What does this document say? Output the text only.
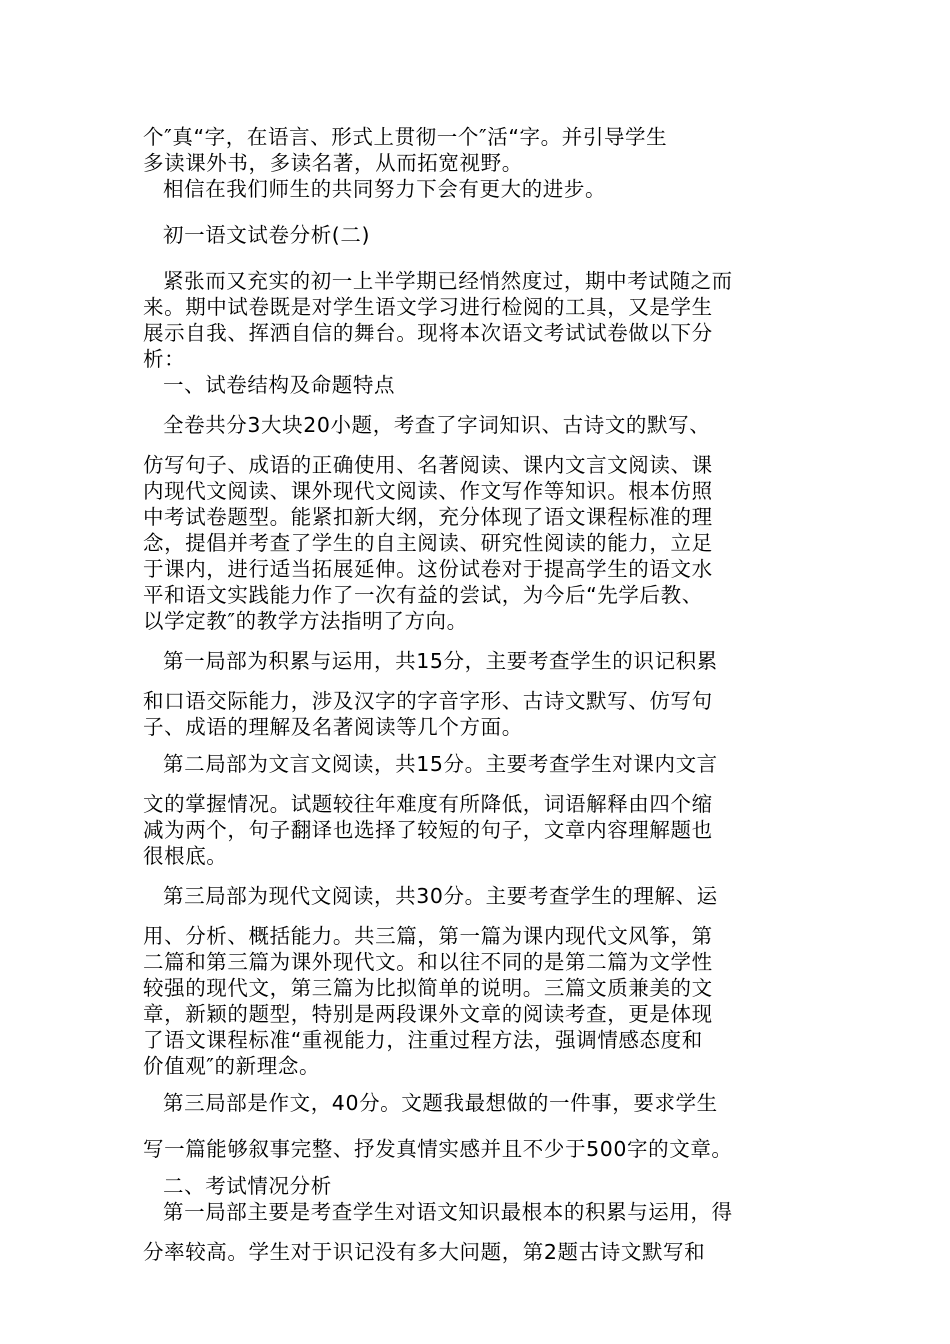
个″真“字，在语言、形式上贯彻一个″活“字。并引导学生
多读课外书，多读名著，从而拓宽视野。
相信在我们师生的共同努力下会有更大的进步。
初一语文试卷分析(二)
紧张而又充实的初一上半学期已经悄然度过，期中考试随之而
来。期中试卷既是对学生语文学习进行检阅的工具，又是学生
展示自我、挥洒自信的舞台。现将本次语文考试试卷做以下分
析：
一、试卷结构及命题特点
全卷共分3大块20小题，考查了字词知识、古诗文的默写、
仿写句子、成语的正确使用、名著阅读、课内文言文阅读、课
内现代文阅读、课外现代文阅读、作文写作等知识。根本仿照
中考试卷题型。能紧扣新大纲，充分体现了语文课程标准的理
念，提倡并考查了学生的自主阅读、研究性阅读的能力，立足
于课内，进行适当拓展延伸。这份试卷对于提高学生的语文水
平和语文实践能力作了一次有益的尝试，为今后“先学后教、
以学定教″的教学方法指明了方向。
第一局部为积累与运用，共15分，主要考查学生的识记积累
和口语交际能力，涉及汉字的字音字形、古诗文默写、仿写句
子、成语的理解及名著阅读等几个方面。
第二局部为文言文阅读，共15分。主要考查学生对课内文言
文的掌握情况。试题较往年难度有所降低，词语解释由四个缩
减为两个，句子翻译也选择了较短的句子，文章内容理解题也
很根底。
第三局部为现代文阅读，共30分。主要考查学生的理解、运
用、分析、概括能力。共三篇，第一篇为课内现代文风筝，第
二篇和第三篇为课外现代文。和以往不同的是第二篇为文学性
较强的现代文，第三篇为比拟简单的说明。三篇文质兼美的文
章，新颖的题型，特别是两段课外文章的阅读考查，更是体现
了语文课程标准“重视能力，注重过程方法，强调情感态度和
价值观″的新理念。
第三局部是作文，40分。文题我最想做的一件事，要求学生
写一篇能够叙事完整、抒发真情实感并且不少于500字的文章。
二、考试情况分析
第一局部主要是考查学生对语文知识最根本的积累与运用，得
分率较高。学生对于识记没有多大问题，第2题古诗文默写和
